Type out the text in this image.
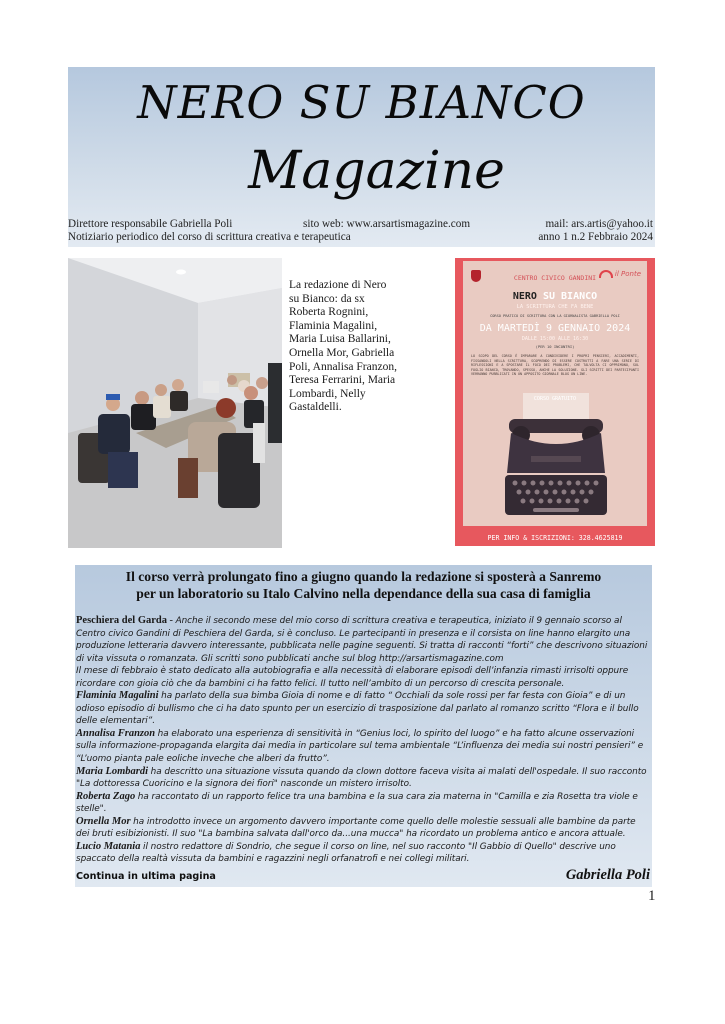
NERO SU BIANCO
Magazine
Direttore responsabile Gabriella Poli	sito web: www.arsartismagazine.com	mail: ars.artis@yahoo.it
Notiziario periodico del corso di scrittura creativa e terapeutica	anno 1 n.2 Febbraio 2024
La redazione di Nero su Bianco: da sx Roberta Rognini, Flaminia Magalini, Maria Luisa Ballarini, Ornella Mor, Gabriella Poli, Annalisa Franzon, Teresa Ferrarini, Maria Lombardi, Nelly Gastaldelli.
CENTRO CIVICO GANDINI	il Ponte
NERO SU BIANCO
LA SCRITTURA CHE FA BENE
CORSO PRATICO DI SCRITTURA CON LA GIORNALISTA GABRIELLA POLI
DA MARTEDÌ 9 GENNAIO 2024
DALLE 15:00 ALLE 16:30
(PER 10 INCONTRI)
LO SCOPO DEL CORSO È IMPARARE A CONDIVIDERE I PROPRI PENSIERI, ACCADIMENTI, FISSANDOLI NELLA SCRITTURA, SCOPRENDO DI ESSERE COSTRUTTI A FARE UNA SERIE DI RIFLESSIONI E A SPOSTARE IL FOCO DEI PROBLEMI, CHE TALVOLTA CI OPPRIMONO, SUL FOGLIO BIANCO, TROVANDO, SPESSO, ANCHE LA SOLUZIONE. GLI SCRITTI DEI PARTECIPANTI VERRANNO PUBBLICATI IN UN APPOSITO GIORNALE BLOG ON LINE.
CORSO GRATUITO
PER INFO & ISCRIZIONI: 328.4625819
Il corso verrà prolungato fino a giugno quando la redazione si sposterà a Sanremo
per un laboratorio su Italo Calvino nella dependance della sua casa di famiglia

Peschiera del Garda - Anche il secondo mese del mio corso di scrittura creativa e terapeutica, iniziato il 9 gennaio scorso al Centro civico Gandini di Peschiera del Garda, si è concluso. Le partecipanti in presenza e il corsista on line hanno elargito una produzione letteraria davvero interessante, pubblicata nelle pagine seguenti. Si tratta di racconti “forti” che descrivono situazioni di vita vissuta o romanzata. Gli scritti sono pubblicati anche sul blog http://arsartismagazine.com

Il mese di febbraio è stato dedicato alla autobiografia e alla necessità di elaborare episodi dell’infanzia rimasti irrisolti oppure ricordare con gioia ciò che da bambini ci ha fatto felici. Il tutto nell’ambito di un percorso di crescita personale.

Flaminia Magalini ha parlato della sua bimba Gioia di nome e di fatto “ Occhiali da sole rossi per far festa con Gioia” e di un odioso episodio di bullismo che ci ha dato spunto per un esercizio di trasposizione dal parlato al romanzo scritto “Flora e il bullo delle elementari”.

Annalisa Franzon ha elaborato una esperienza di sensitività in “Genius loci, lo spirito del luogo” e ha fatto alcune osservazioni sulla informazione-propaganda elargita dai media in particolare sul tema ambientale “L’influenza dei media sui nostri pensieri” e “L’uomo pianta pale eoliche inveche che alberi da frutto”.

Maria Lombardi ha descritto una situazione vissuta quando da clown dottore faceva visita ai malati dell'ospedale. Il suo racconto "La dottoressa Cuoricino e la signora dei fiori" nasconde un mistero irrisolto.

Roberta Zago ha raccontato di un rapporto felice tra una bambina e la sua cara zia materna in "Camilla e zia Rosetta tra viole e stelle".

Ornella Mor ha introdotto invece un argomento davvero importante come quello delle molestie sessuali alle bambine da parte dei bruti esibizionisti. Il suo "La bambina salvata dall'orco da...una mucca" ha ricordato un problema antico e ancora attuale.

Lucio Matania il nostro redattore di Sondrio, che segue il corso on line, nel suo racconto "Il Gabbio di Quello" descrive uno spaccato della realtà vissuta da bambini e ragazzini negli orfanatrofi e nei collegi militari.

Continua in ultima pagina	Gabriella Poli
1
